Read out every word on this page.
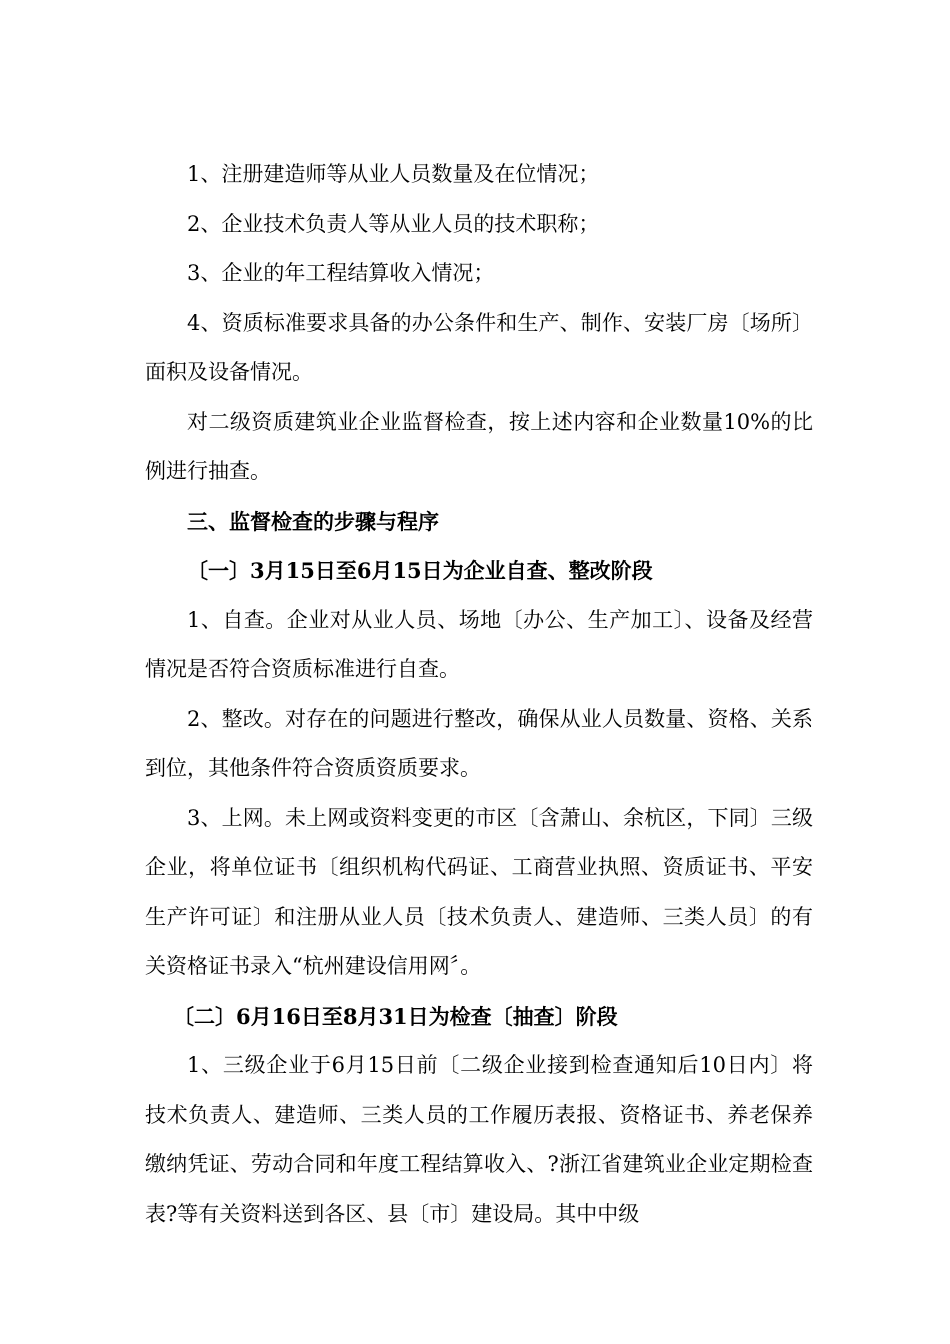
1、注册建造师等从业人员数量及在位情况；

2、企业技术负责人等从业人员的技术职称；

3、企业的年工程结算收入情况；

4、资质标准要求具备的办公条件和生产、制作、安装厂房〔场所〕面积及设备情况。

对二级资质建筑业企业监督检查，按上述内容和企业数量10%的比例进行抽查。

三、监督检查的步骤与程序

〔一〕3月15日至6月15日为企业自查、整改阶段

1、自查。企业对从业人员、场地〔办公、生产加工〕、设备及经营情况是否符合资质标准进行自查。

2、整改。对存在的问题进行整改，确保从业人员数量、资格、关系到位，其他条件符合资质资质要求。

3、上网。未上网或资料变更的市区〔含萧山、余杭区，下同〕三级企业，将单位证书〔组织机构代码证、工商营业执照、资质证书、平安生产许可证〕和注册从业人员〔技术负责人、建造师、三类人员〕的有关资格证书录入“杭州建设信用网〞。

〔二〕6月16日至8月31日为检查〔抽查〕阶段

1、三级企业于6月15日前〔二级企业接到检查通知后10日内〕将技术负责人、建造师、三类人员的工作履历表报、资格证书、养老保养缴纳凭证、劳动合同和年度工程结算收入、?浙江省建筑业企业定期检查表?等有关资料送到各区、县〔市〕建设局。其中中级
